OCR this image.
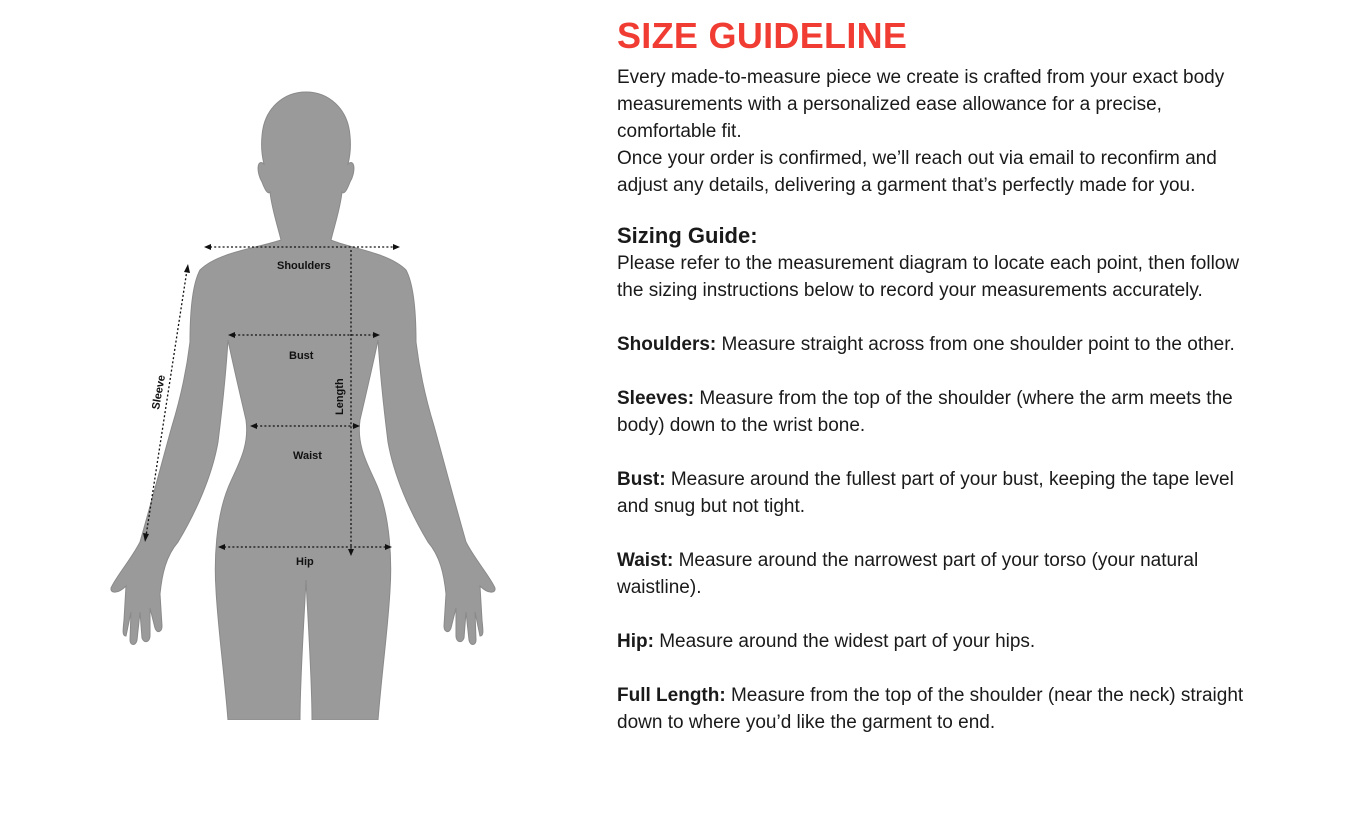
Shoulders
Sleeve	Length
Bust
Waist
Hip
SIZE GUIDELINE

Every made-to-measure piece we create is crafted from your exact body measurements with a personalized ease allowance for a precise, comfortable fit.

Once your order is confirmed, we’ll reach out via email to reconfirm and adjust any details, delivering a garment that’s perfectly made for you.

Sizing Guide:

Please refer to the measurement diagram to locate each point, then follow the sizing instructions below to record your measurements accurately.

Shoulders: Measure straight across from one shoulder point to the other.

Sleeves: Measure from the top of the shoulder (where the arm meets the body) down to the wrist bone.

Bust: Measure around the fullest part of your bust, keeping the tape level and snug but not tight.

Waist: Measure around the narrowest part of your torso (your natural waistline).

Hip: Measure around the widest part of your hips.

Full Length: Measure from the top of the shoulder (near the neck) straight down to where you’d like the garment to end.
